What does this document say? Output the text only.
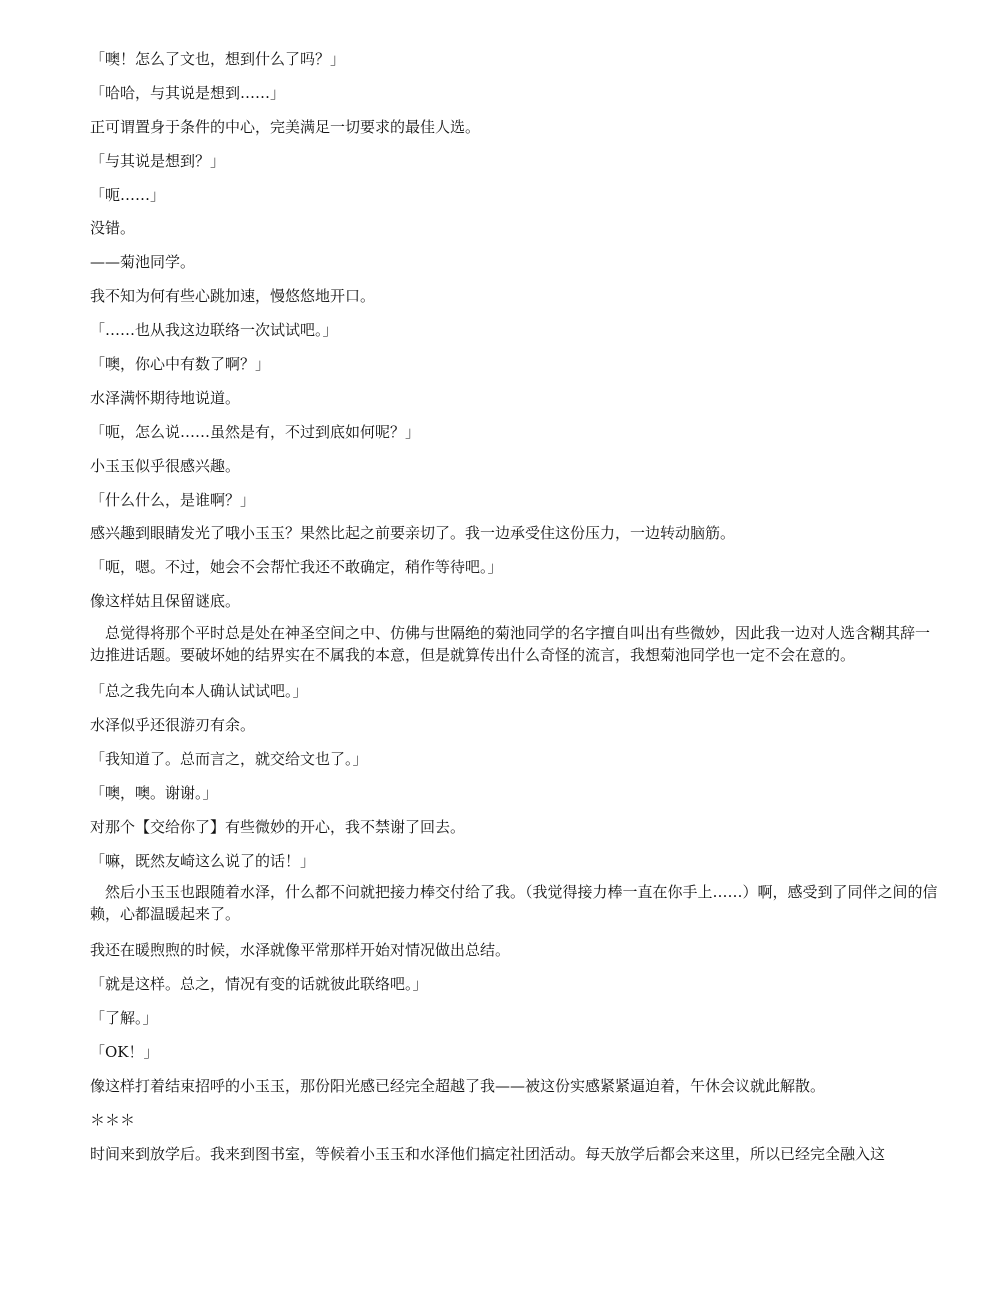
「噢！怎么了文也，想到什么了吗？」

「哈哈，与其说是想到……」

正可谓置身于条件的中心，完美满足一切要求的最佳人选。

「与其说是想到？」

「呃……」

没错。

——菊池同学。

我不知为何有些心跳加速，慢悠悠地开口。

「……也从我这边联络一次试试吧。」

「噢，你心中有数了啊？」

水泽满怀期待地说道。

「呃，怎么说……虽然是有，不过到底如何呢？」

小玉玉似乎很感兴趣。

「什么什么，是谁啊？」

感兴趣到眼睛发光了哦小玉玉？果然比起之前要亲切了。我一边承受住这份压力，一边转动脑筋。

「呃，嗯。不过，她会不会帮忙我还不敢确定，稍作等待吧。」

像这样姑且保留谜底。

总觉得将那个平时总是处在神圣空间之中、仿佛与世隔绝的菊池同学的名字擅自叫出有些微妙，因此我一边对人选含糊其辞一边推进话题。要破坏她的结界实在不属我的本意，但是就算传出什么奇怪的流言，我想菊池同学也一定不会在意的。

「总之我先向本人确认试试吧。」

水泽似乎还很游刃有余。

「我知道了。总而言之，就交给文也了。」

「噢，噢。谢谢。」

对那个【交给你了】有些微妙的开心，我不禁谢了回去。

「嘛，既然友崎这么说了的话！」

然后小玉玉也跟随着水泽，什么都不问就把接力棒交付给了我。（我觉得接力棒一直在你手上……）啊，感受到了同伴之间的信赖，心都温暖起来了。

我还在暖煦煦的时候，水泽就像平常那样开始对情况做出总结。

「就是这样。总之，情况有变的话就彼此联络吧。」

「了解。」

「OK！」

像这样打着结束招呼的小玉玉，那份阳光感已经完全超越了我——被这份实感紧紧逼迫着，午休会议就此解散。

＊＊＊

时间来到放学后。我来到图书室，等候着小玉玉和水泽他们搞定社团活动。每天放学后都会来这里，所以已经完全融入这
